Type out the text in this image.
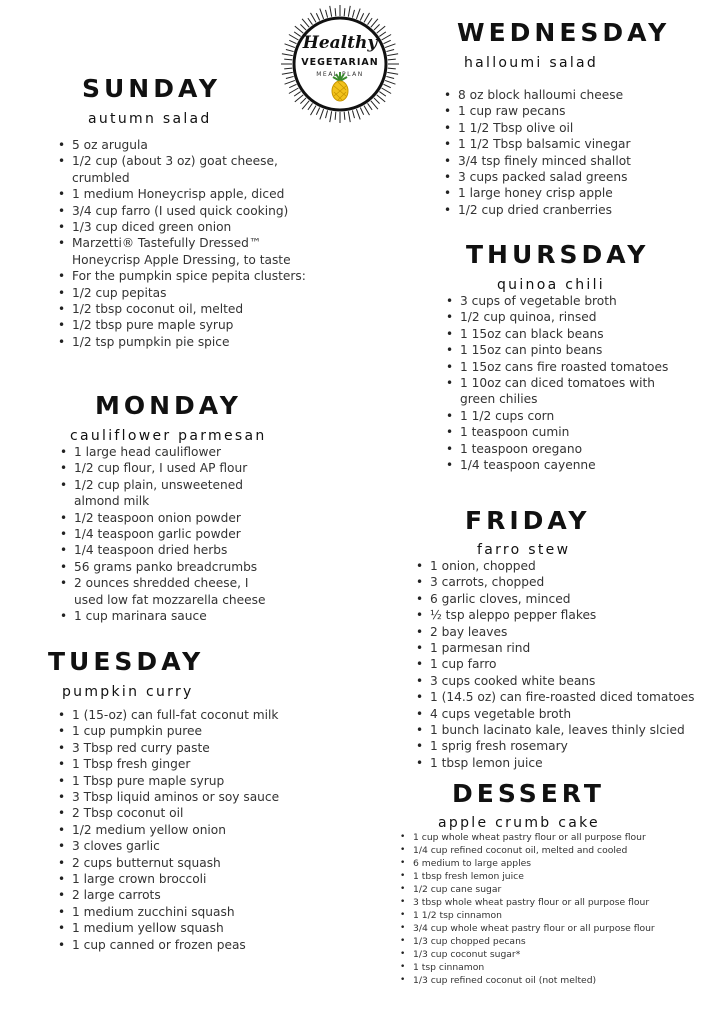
Healthy
VEGETARIAN
MEAL PLAN
SUNDAY
autumn salad
• 5 oz arugula
• 1/2 cup (about 3 oz) goat cheese, crumbled
• 1 medium Honeycrisp apple, diced
• 3/4 cup farro (I used quick cooking)
• 1/3 cup diced green onion
• Marzetti® Tastefully Dressed™ Honeycrisp Apple Dressing, to taste
• For the pumpkin spice pepita clusters:
• 1/2 cup pepitas
• 1/2 tbsp coconut oil, melted
• 1/2 tbsp pure maple syrup
• 1/2 tsp pumpkin pie spice
MONDAY
cauliflower parmesan
• 1 large head cauliflower
• 1/2 cup flour, I used AP flour
• 1/2 cup plain, unsweetened almond milk
• 1/2 teaspoon onion powder
• 1/4 teaspoon garlic powder
• 1/4 teaspoon dried herbs
• 56 grams panko breadcrumbs
• 2 ounces shredded cheese, I used low fat mozzarella cheese
• 1 cup marinara sauce
TUESDAY
pumpkin curry
• 1 (15-oz) can full-fat coconut milk
• 1 cup pumpkin puree
• 3 Tbsp red curry paste
• 1 Tbsp fresh ginger
• 1 Tbsp pure maple syrup
• 3 Tbsp liquid aminos or soy sauce
• 2 Tbsp coconut oil
• 1/2 medium yellow onion
• 3 cloves garlic
• 2 cups butternut squash
• 1 large crown broccoli
• 2 large carrots
• 1 medium zucchini squash
• 1 medium yellow squash
• 1 cup canned or frozen peas
WEDNESDAY
halloumi salad
• 8 oz block halloumi cheese
• 1 cup raw pecans
• 1 1/2 Tbsp olive oil
• 1 1/2 Tbsp balsamic vinegar
• 3/4 tsp finely minced shallot
• 3 cups packed salad greens
• 1 large honey crisp apple
• 1/2 cup dried cranberries
THURSDAY
quinoa chili
• 3 cups of vegetable broth
• 1/2 cup quinoa, rinsed
• 1 15oz can black beans
• 1 15oz can pinto beans
• 1 15oz cans fire roasted tomatoes
• 1 10oz can diced tomatoes with green chilies
• 1 1/2 cups corn
• 1 teaspoon cumin
• 1 teaspoon oregano
• 1/4 teaspoon cayenne
FRIDAY
farro stew
• 1 onion, chopped
• 3 carrots, chopped
• 6 garlic cloves, minced
• ½ tsp aleppo pepper flakes
• 2 bay leaves
• 1 parmesan rind
• 1 cup farro
• 3 cups cooked white beans
• 1 (14.5 oz) can fire-roasted diced tomatoes
• 4 cups vegetable broth
• 1 bunch lacinato kale, leaves thinly slcied
• 1 sprig fresh rosemary
• 1 tbsp lemon juice
DESSERT
apple crumb cake
• 1 cup whole wheat pastry flour or all purpose flour
• 1/4 cup refined coconut oil, melted and cooled
• 6 medium to large apples
• 1 tbsp fresh lemon juice
• 1/2 cup cane sugar
• 3 tbsp whole wheat pastry flour or all purpose flour
• 1 1/2 tsp cinnamon
• 3/4 cup whole wheat pastry flour or all purpose flour
• 1/3 cup chopped pecans
• 1/3 cup coconut sugar*
• 1 tsp cinnamon
• 1/3 cup refined coconut oil (not melted)
